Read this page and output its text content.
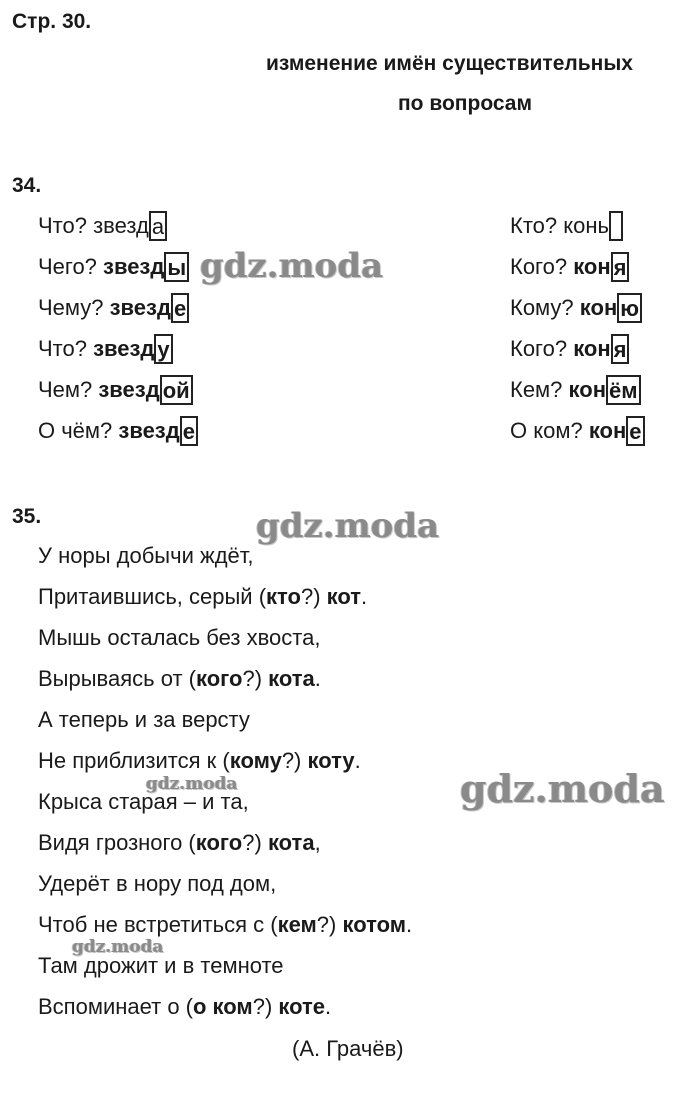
Стр. 30.
изменение имён существительных
по вопросам
34.
Что? звезд а
Чего? звезд ы
Чему? звезд е
Что? звезд у
Чем? звезд ой
О чём? звезд е
Кто? конь
Кого? кон я
Кому? кон ю
Кого? кон я
Кем? кон ём
О ком? кон е
35.
У норы добычи ждёт,
Притаившись, серый (кто?) кот.
Мышь осталась без хвоста,
Вырываясь от (кого?) кота.
А теперь и за версту
Не приблизится к (кому?) коту.
Крыса старая – и та,
Видя грозного (кого?) кота,
Удерёт в нору под дом,
Чтоб не встретиться с (кем?) котом.
Там дрожит и в темноте
Вспоминает о (о ком?) коте.
(А. Грачёв)
gdz.moda
gdz.moda
gdz.moda
gdz.moda
gdz.moda
